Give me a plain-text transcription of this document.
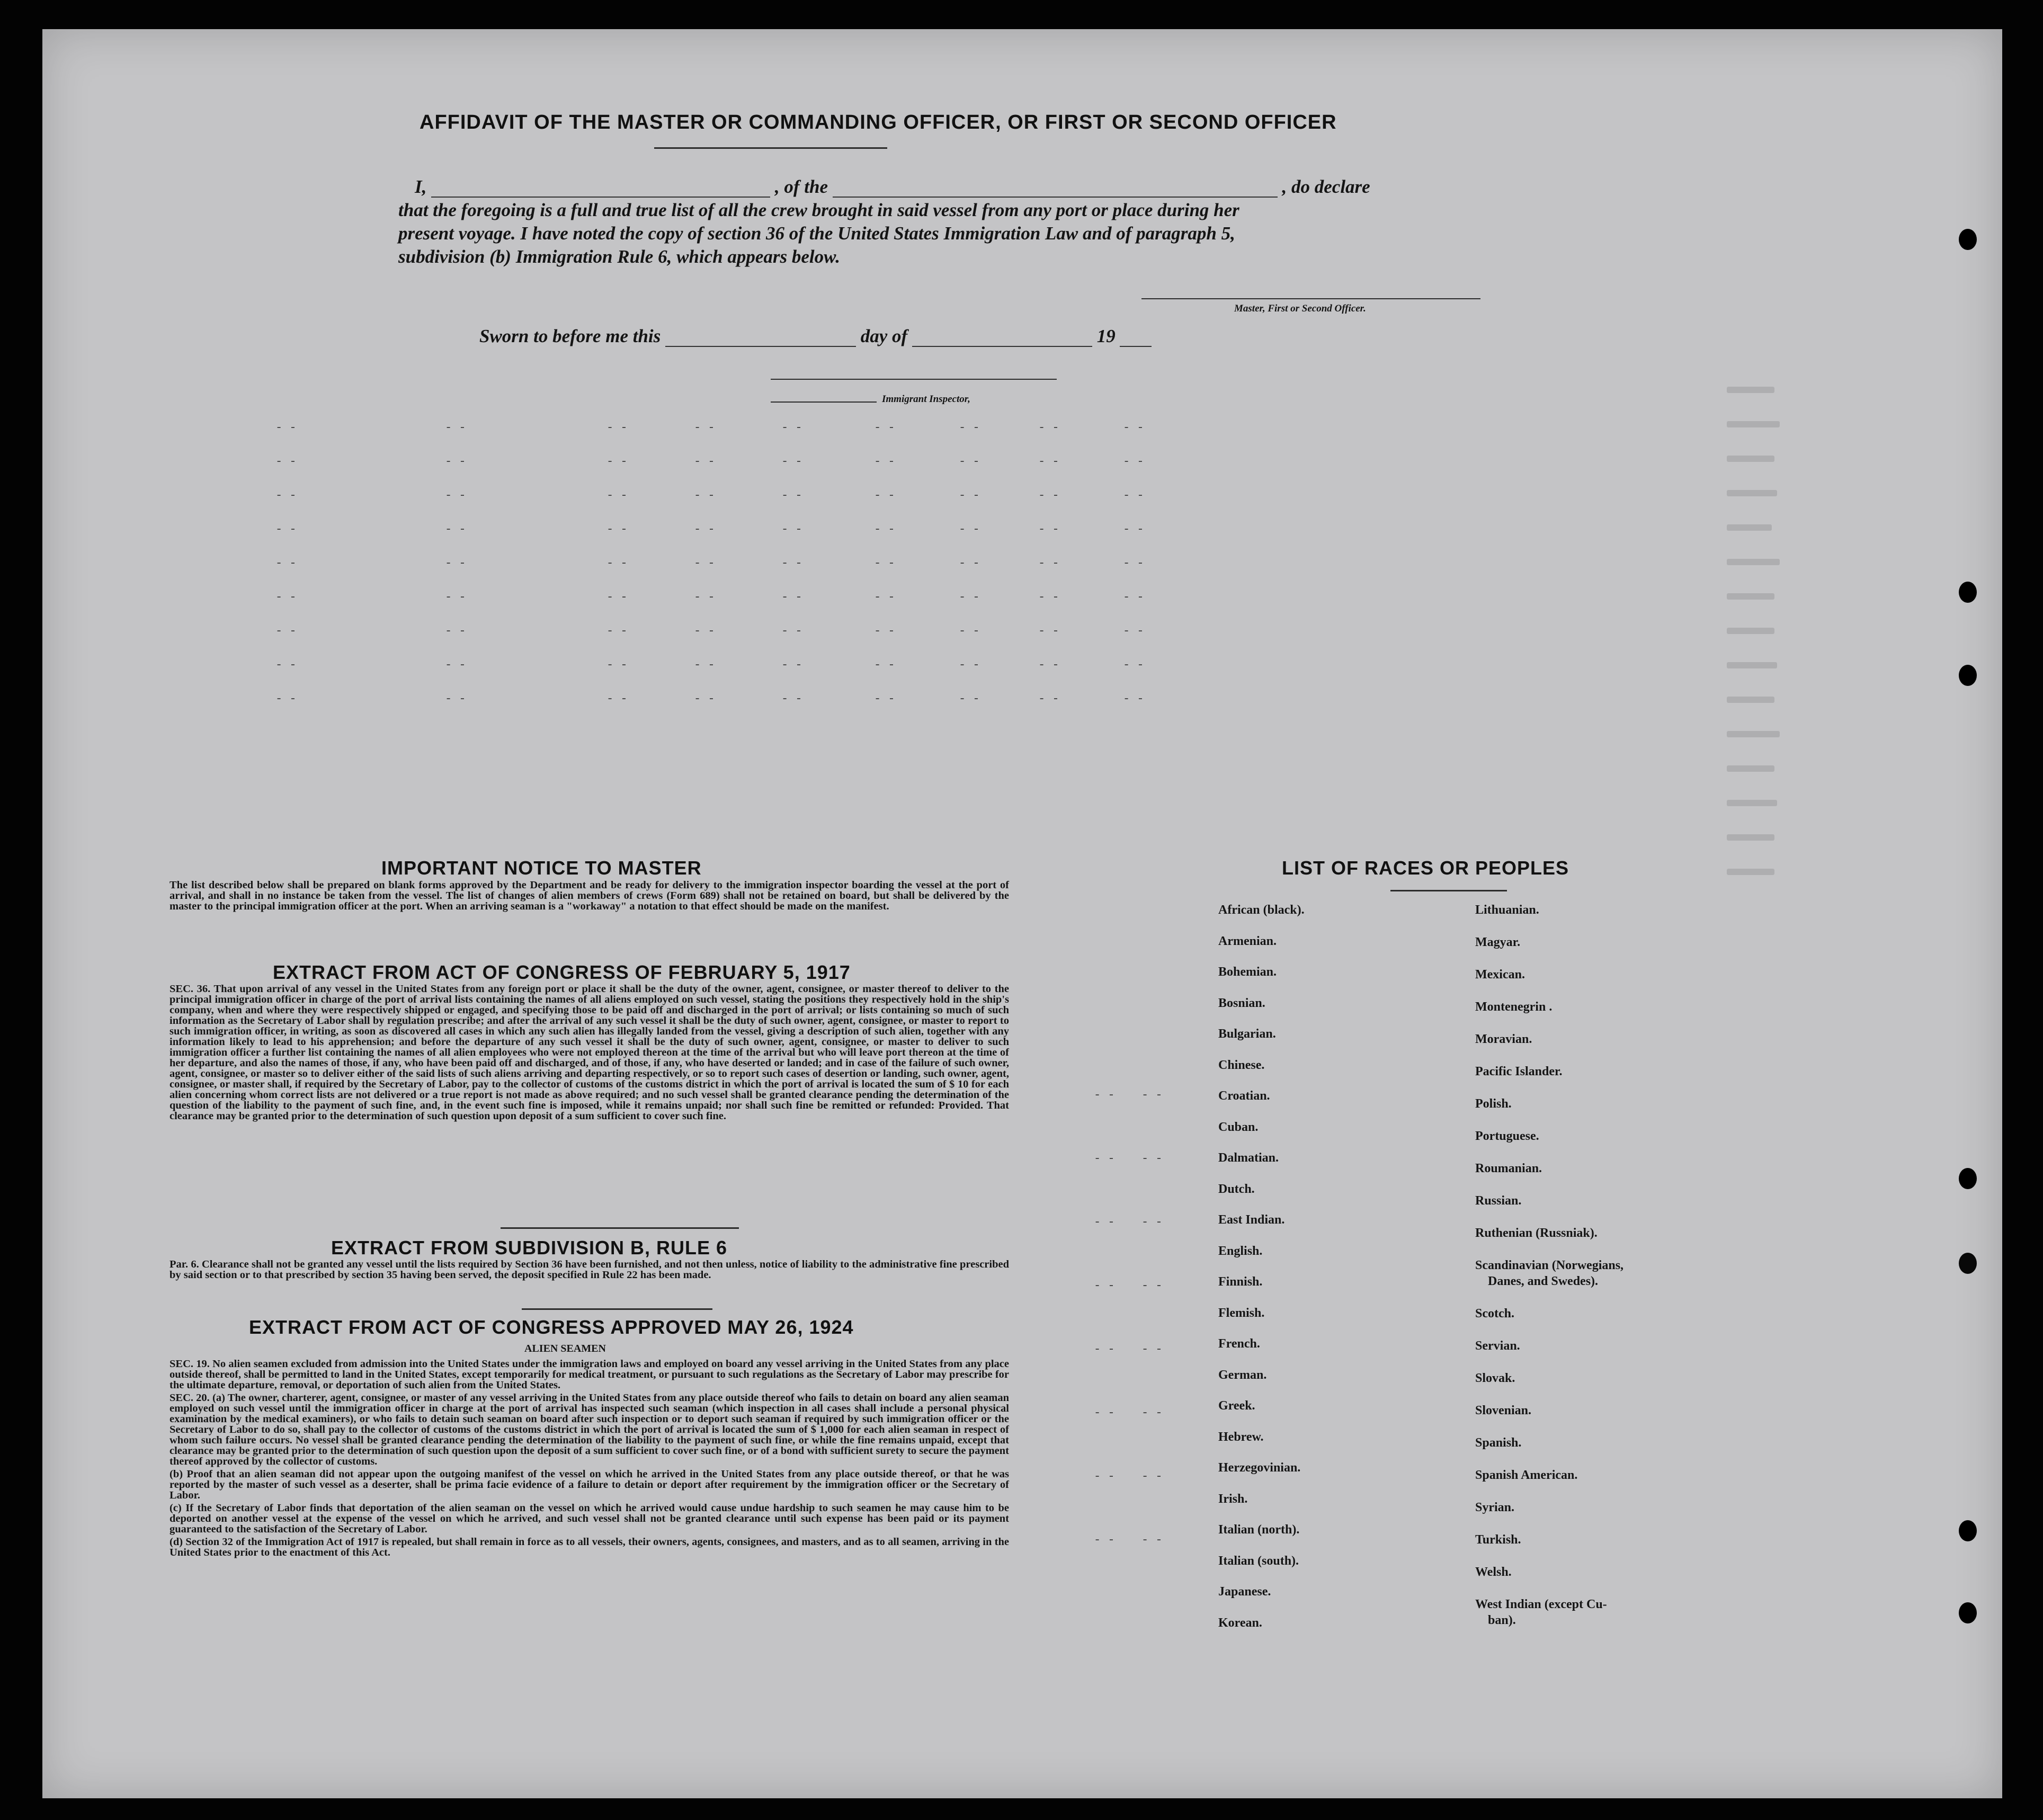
AFFIDAVIT OF THE MASTER OR COMMANDING OFFICER, OR FIRST OR SECOND OFFICER
I,	, of the	, do declare
that the foregoing is a full and true list of all the crew brought in said vessel from any port or place during her
present voyage. I have noted the copy of section 36 of the United States Immigration Law and of paragraph 5,
subdivision (b) Immigration Rule 6, which appears below.
Master, First or Second Officer.
Sworn to before me this	day of	19
Immigrant Inspector,
- -	- -	- -	- -	- -	- -	- -	- -	- -
- -	- -	- -	- -	- -	- -	- -	- -	- -
- -	- -	- -	- -	- -	- -	- -	- -	- -
- -	- -	- -	- -	- -	- -	- -	- -	- -
- -	- -	- -	- -	- -	- -	- -	- -	- -
- -	- -	- -	- -	- -	- -	- -	- -	- -
- -	- -	- -	- -	- -	- -	- -	- -	- -
- -	- -	- -	- -	- -	- -	- -	- -	- -
- -	- -	- -	- -	- -	- -	- -	- -	- -
- - - -
- - - -
- - - -
- - - -
- - - -
- - - -
- - - -
- - - -
IMPORTANT NOTICE TO MASTER

The list described below shall be prepared on blank forms approved by the Department and be ready for delivery to the immigration inspector boarding the vessel at the port of arrival, and shall in no instance be taken from the vessel. The list of changes of alien members of crews (Form 689) shall not be retained on board, but shall be delivered by the master to the principal immigration officer at the port. When an arriving seaman is a "workaway" a notation to that effect should be made on the manifest.

EXTRACT FROM ACT OF CONGRESS OF FEBRUARY 5, 1917

SEC. 36. That upon arrival of any vessel in the United States from any foreign port or place it shall be the duty of the owner, agent, consignee, or master thereof to deliver to the principal immigration officer in charge of the port of arrival lists containing the names of all aliens employed on such vessel, stating the positions they respectively hold in the ship's company, when and where they were respectively shipped or engaged, and specifying those to be paid off and discharged in the port of arrival; or lists containing so much of such information as the Secretary of Labor shall by regulation prescribe; and after the arrival of any such vessel it shall be the duty of such owner, agent, consignee, or master to report to such immigration officer, in writing, as soon as discovered all cases in which any such alien has illegally landed from the vessel, giving a description of such alien, together with any information likely to lead to his apprehension; and before the departure of any such vessel it shall be the duty of such owner, agent, consignee, or master to deliver to such immigration officer a further list containing the names of all alien employees who were not employed thereon at the time of the arrival but who will leave port thereon at the time of her departure, and also the names of those, if any, who have been paid off and discharged, and of those, if any, who have deserted or landed; and in case of the failure of such owner, agent, consignee, or master so to deliver either of the said lists of such aliens arriving and departing respectively, or so to report such cases of desertion or landing, such owner, agent, consignee, or master shall, if required by the Secretary of Labor, pay to the collector of customs of the customs district in which the port of arrival is located the sum of $ 10 for each alien concerning whom correct lists are not delivered or a true report is not made as above required; and no such vessel shall be granted clearance pending the determination of the question of the liability to the payment of such fine, and, in the event such fine is imposed, while it remains unpaid; nor shall such fine be remitted or refunded: Provided. That clearance may be granted prior to the determination of such question upon deposit of a sum sufficient to cover such fine.

EXTRACT FROM SUBDIVISION B, RULE 6

Par. 6. Clearance shall not be granted any vessel until the lists required by Section 36 have been furnished, and not then unless, notice of liability to the administrative fine prescribed by said section or to that prescribed by section 35 having been served, the deposit specified in Rule 22 has been made.

EXTRACT FROM ACT OF CONGRESS APPROVED MAY 26, 1924
ALIEN SEAMEN

SEC. 19. No alien seamen excluded from admission into the United States under the immigration laws and employed on board any vessel arriving in the United States from any place outside thereof, shall be permitted to land in the United States, except temporarily for medical treatment, or pursuant to such regulations as the Secretary of Labor may prescribe for the ultimate departure, removal, or deportation of such alien from the United States.

SEC. 20. (a) The owner, charterer, agent, consignee, or master of any vessel arriving in the United States from any place outside thereof who fails to detain on board any alien seaman employed on such vessel until the immigration officer in charge at the port of arrival has inspected such seaman (which inspection in all cases shall include a personal physical examination by the medical examiners), or who fails to detain such seaman on board after such inspection or to deport such seaman if required by such immigration officer or the Secretary of Labor to do so, shall pay to the collector of customs of the customs district in which the port of arrival is located the sum of $ 1,000 for each alien seaman in respect of whom such failure occurs. No vessel shall be granted clearance pending the determination of the liability to the payment of such fine, or while the fine remains unpaid, except that clearance may be granted prior to the determination of such question upon the deposit of a sum sufficient to cover such fine, or of a bond with sufficient surety to secure the payment thereof approved by the collector of customs.

(b) Proof that an alien seaman did not appear upon the outgoing manifest of the vessel on which he arrived in the United States from any place outside thereof, or that he was reported by the master of such vessel as a deserter, shall be prima facie evidence of a failure to detain or deport after requirement by the immigration officer or the Secretary of Labor.

(c) If the Secretary of Labor finds that deportation of the alien seaman on the vessel on which he arrived would cause undue hardship to such seamen he may cause him to be deported on another vessel at the expense of the vessel on which he arrived, and such vessel shall not be granted clearance until such expense has been paid or its payment guaranteed to the satisfaction of the Secretary of Labor.

(d) Section 32 of the Immigration Act of 1917 is repealed, but shall remain in force as to all vessels, their owners, agents, consignees, and masters, and as to all seamen, arriving in the United States prior to the enactment of this Act.

LIST OF RACES OR PEOPLES
African (black).
Armenian.
Bohemian.
Bosnian.
Bulgarian.
Chinese.
Croatian.
Cuban.
Dalmatian.
Dutch.
East Indian.
English.
Finnish.
Flemish.
French.
German.
Greek.
Hebrew.
Herzegovinian.
Irish.
Italian (north).
Italian (south).
Japanese.
Korean.
Lithuanian.
Magyar.
Mexican.
Montenegrin .
Moravian.
Pacific Islander.
Polish.
Portuguese.
Roumanian.
Russian.
Ruthenian (Russniak).
Scandinavian (Norwegians,
Danes, and Swedes).
Scotch.
Servian.
Slovak.
Slovenian.
Spanish.
Spanish American.
Syrian.
Turkish.
Welsh.
West Indian (except Cu-
ban).
